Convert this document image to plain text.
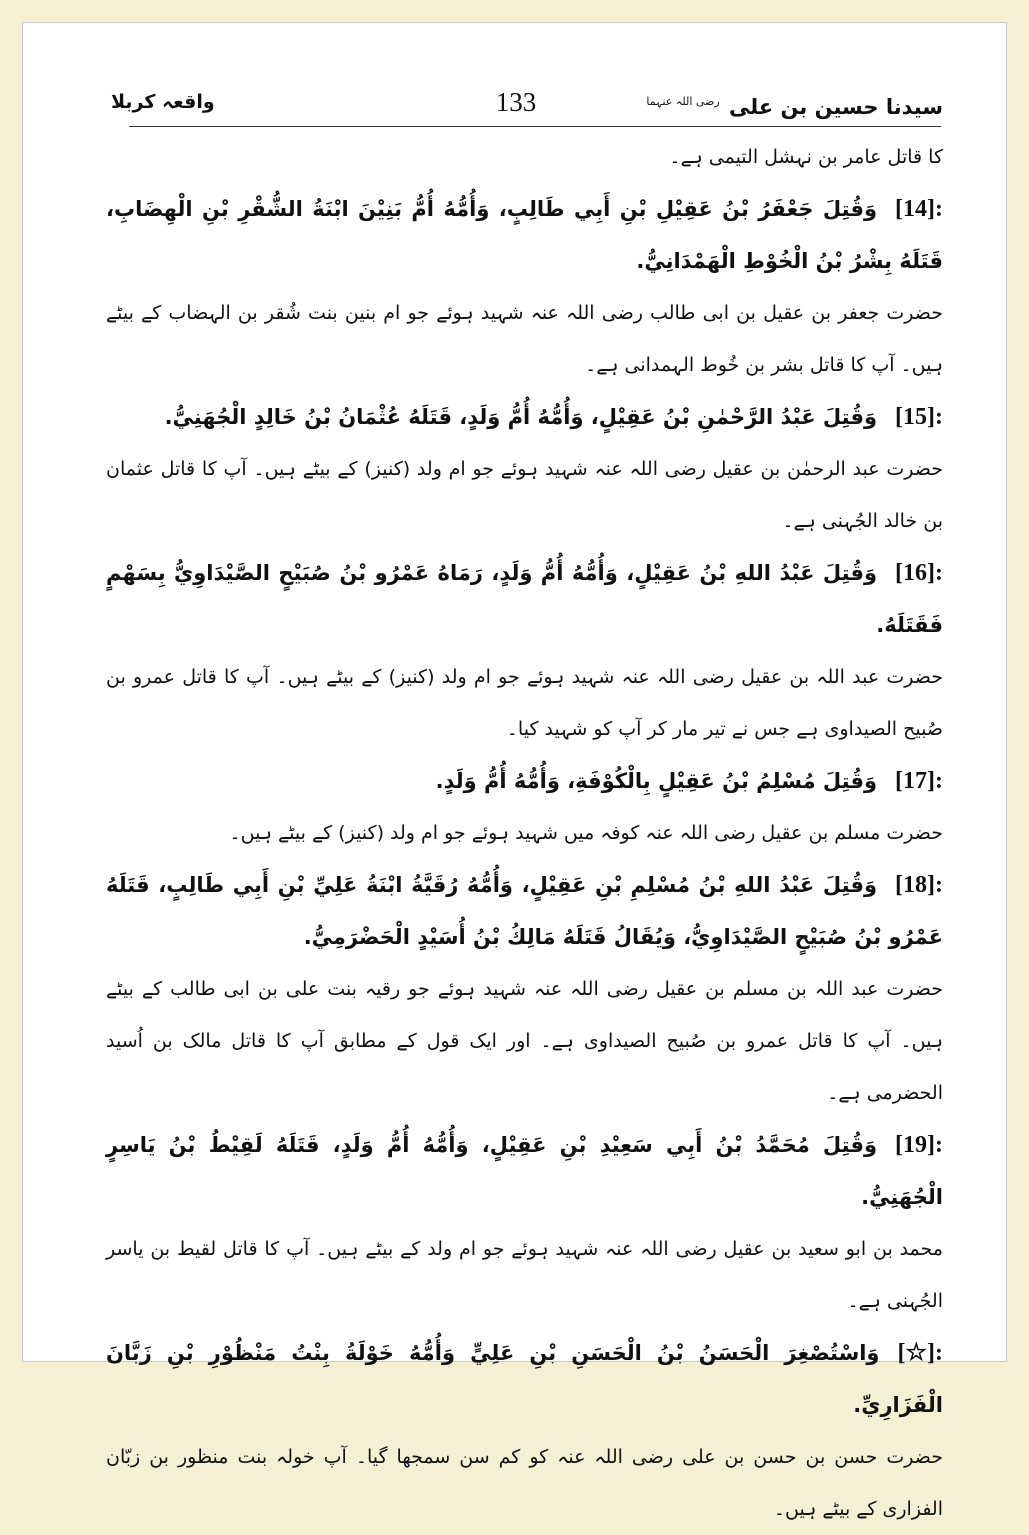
سیدنا حسین بن علی $^{رضی اللہ عنہما}$
133
واقعہ کربلا

کا قاتل عامر بن نہشل التیمی ہے۔

[14]:وَقُتِلَ جَعْفَرُ بْنُ عَقِيْلِ بْنِ أَبِي طَالِبٍ، وَأُمُّهُ أُمُّ بَنِيْنَ ابْنَةُ الشُّقْرِ بْنِ الْهِضَابِ، قَتَلَهُ بِشْرُ بْنُ الْخُوْطِ الْهَمْدَانِيُّ.

حضرت جعفر بن عقیل بن ابی طالب رضی اللہ عنہ شہید ہوئے جو ام بنین بنت شُقر بن الہضاب کے بیٹے ہیں۔ آپ کا قاتل بشر بن خُوط الہمدانی ہے۔

[15]:وَقُتِلَ عَبْدُ الرَّحْمٰنِ بْنُ عَقِيْلٍ، وَأُمُّهُ أُمُّ وَلَدٍ، قَتَلَهُ عُثْمَانُ بْنُ خَالِدٍ الْجُهَنِيُّ.

حضرت عبد الرحمٰن بن عقیل رضی اللہ عنہ شہید ہوئے جو ام ولد (کنیز) کے بیٹے ہیں۔ آپ کا قاتل عثمان بن خالد الجُہنی ہے۔

[16]:وَقُتِلَ عَبْدُ اللهِ بْنُ عَقِيْلٍ، وَأُمُّهُ أُمُّ وَلَدٍ، رَمَاهُ عَمْرُو بْنُ صُبَيْحٍ الصَّيْدَاوِيُّ بِسَهْمٍ فَقَتَلَهُ.

حضرت عبد اللہ بن عقیل رضی اللہ عنہ شہید ہوئے جو ام ولد (کنیز) کے بیٹے ہیں۔ آپ کا قاتل عمرو بن صُبیح الصیداوی ہے جس نے تیر مار کر آپ کو شہید کیا۔

[17]:وَقُتِلَ مُسْلِمُ بْنُ عَقِيْلٍ بِالْكُوْفَةِ، وَأُمُّهُ أُمُّ وَلَدٍ.

حضرت مسلم بن عقیل رضی اللہ عنہ کوفہ میں شہید ہوئے جو ام ولد (کنیز) کے بیٹے ہیں۔

[18]:وَقُتِلَ عَبْدُ اللهِ بْنُ مُسْلِمِ بْنِ عَقِيْلٍ، وَأُمُّهُ رُقَيَّةُ ابْنَةُ عَلِيِّ بْنِ أَبِي طَالِبٍ، قَتَلَهُ عَمْرُو بْنُ صُبَيْحٍ الصَّيْدَاوِيُّ، وَيُقَالُ قَتَلَهُ مَالِكُ بْنُ أُسَيْدٍ الْحَضْرَمِيُّ.

حضرت عبد اللہ بن مسلم بن عقیل رضی اللہ عنہ شہید ہوئے جو رقیہ بنت علی بن ابی طالب کے بیٹے ہیں۔ آپ کا قاتل عمرو بن صُبیح الصیداوی ہے۔ اور ایک قول کے مطابق آپ کا قاتل مالک بن اُسید الحضرمی ہے۔

[19]:وَقُتِلَ مُحَمَّدُ بْنُ أَبِي سَعِيْدِ بْنِ عَقِيْلٍ، وَأُمُّهُ أُمُّ وَلَدٍ، قَتَلَهُ لَقِيْطُ بْنُ يَاسِرٍ الْجُهَنِيُّ.

محمد بن ابو سعید بن عقیل رضی اللہ عنہ شہید ہوئے جو ام ولد کے بیٹے ہیں۔ آپ کا قاتل لقیط بن یاسر الجُہنی ہے۔

[☆]:وَاسْتُصْغِرَ الْحَسَنُ بْنُ الْحَسَنِ بْنِ عَلِيٍّ وَأُمُّهُ خَوْلَةُ بِنْتُ مَنْظُوْرِ بْنِ زَبَّانَ الْفَزَارِيِّ.

حضرت حسن بن حسن بن علی رضی اللہ عنہ کو کم سن سمجھا گیا۔ آپ خولہ بنت منظور بن زبّان الفزاری کے بیٹے ہیں۔
